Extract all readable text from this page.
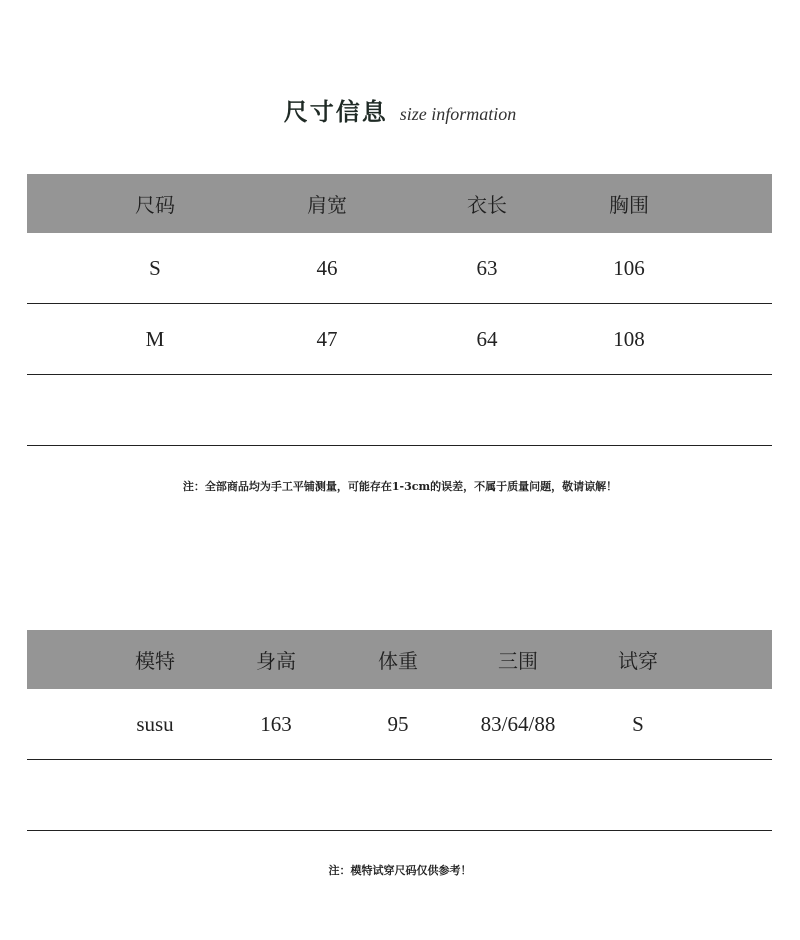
尺寸信息 size information
尺码	肩宽	衣长	胸围
S	46	63	106
M	47	64	108
注：全部商品均为手工平铺测量，可能存在1-3cm的误差，不属于质量问题，敬请谅解！
模特	身高	体重	三围	试穿
susu	163	95	83/64/88	S
注：模特试穿尺码仅供参考！
